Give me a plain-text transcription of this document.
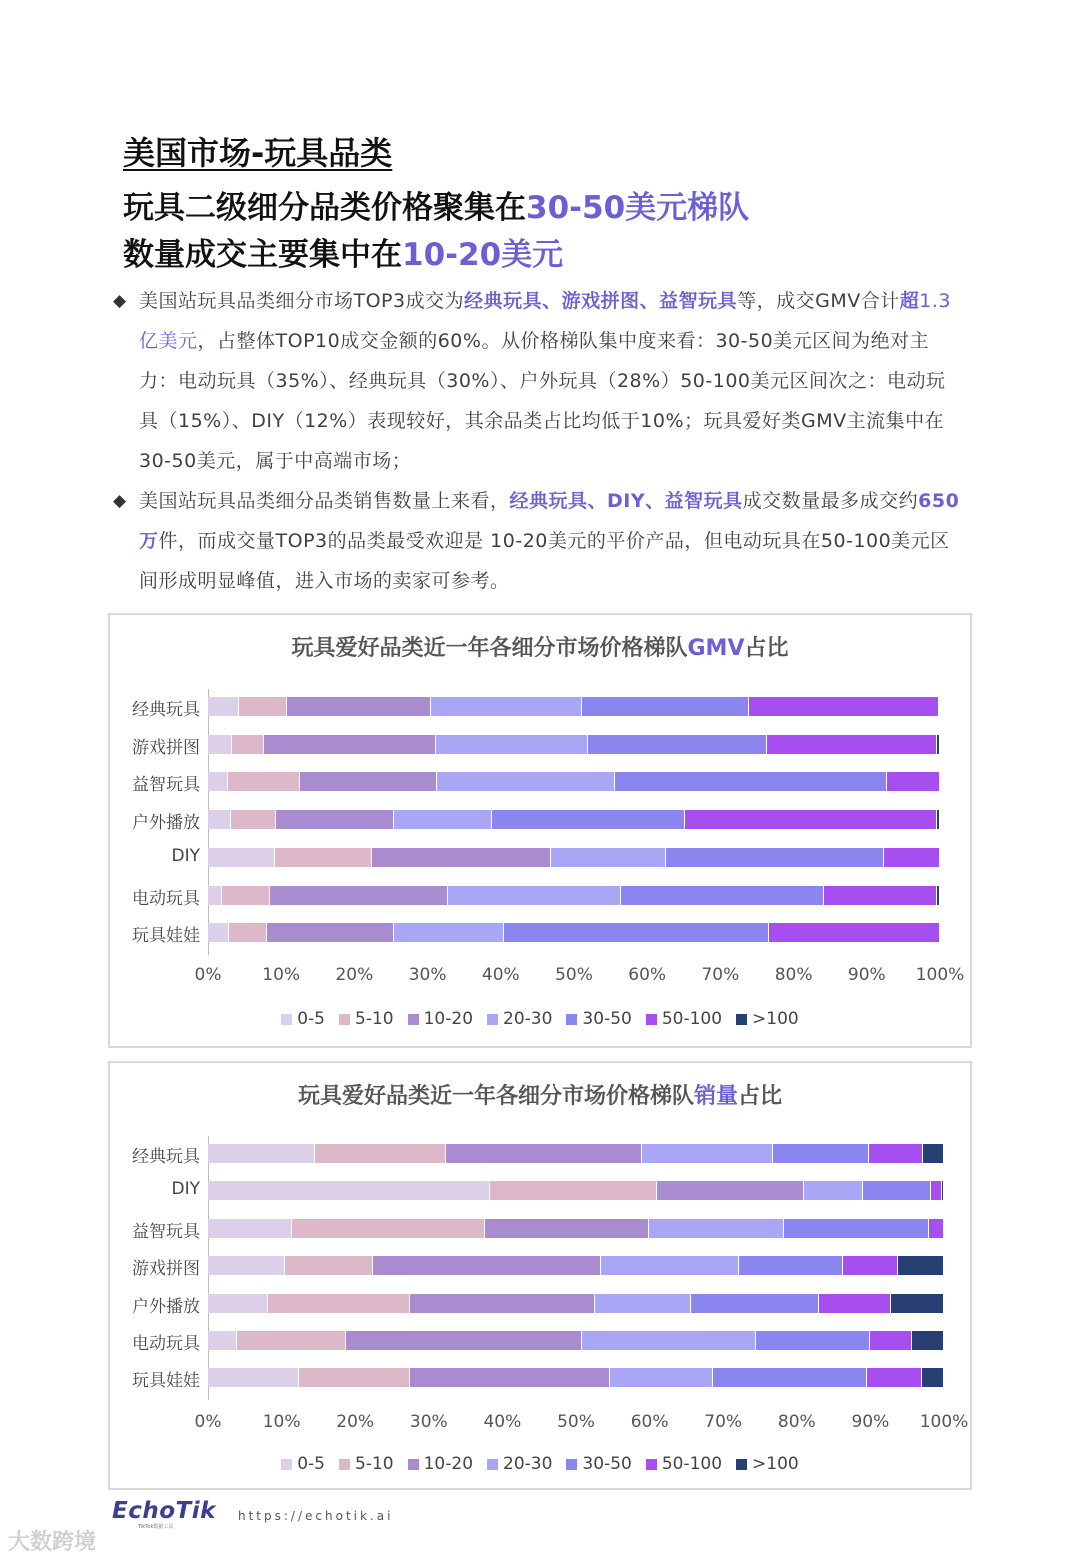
美国市场-玩具品类
玩具二级细分品类价格聚集在30-50美元梯队
数量成交主要集中在10-20美元
◆ 美国站玩具品类细分市场TOP3成交为经典玩具、游戏拼图、益智玩具等，成交GMV合计超1.3亿美元，占整体TOP10成交金额的60%。从价格梯队集中度来看：30-50美元区间为绝对主力：电动玩具（35%）、经典玩具（30%）、户外玩具（28%）50-100美元区间次之：电动玩具（15%）、DIY（12%）表现较好，其余品类占比均低于10%；玩具爱好类GMV主流集中在30-50美元，属于中高端市场；
◆ 美国站玩具品类细分品类销售数量上来看，经典玩具、DIY、益智玩具成交数量最多成交约650万件，而成交量TOP3的品类最受欢迎是 10-20美元的平价产品，但电动玩具在50-100美元区间形成明显峰值，进入市场的卖家可参考。
玩具爱好品类近一年各细分市场价格梯队GMV占比
经典玩具
游戏拼图
益智玩具
户外播放
DIY
电动玩具
玩具娃娃
0% 10% 20% 30% 40% 50% 60% 70% 80% 90% 100%
0-5 5-10 10-20 20-30 30-50 50-100 >100
玩具爱好品类近一年各细分市场价格梯队销量占比
经典玩具
DIY
益智玩具
游戏拼图
户外播放
电动玩具
玩具娃娃
0% 10% 20% 30% 40% 50% 60% 70% 80% 90% 100%
0-5 5-10 10-20 20-30 30-50 50-100 >100
大数跨境
EchoTik
TikTok数据工具
https://echotik.ai
